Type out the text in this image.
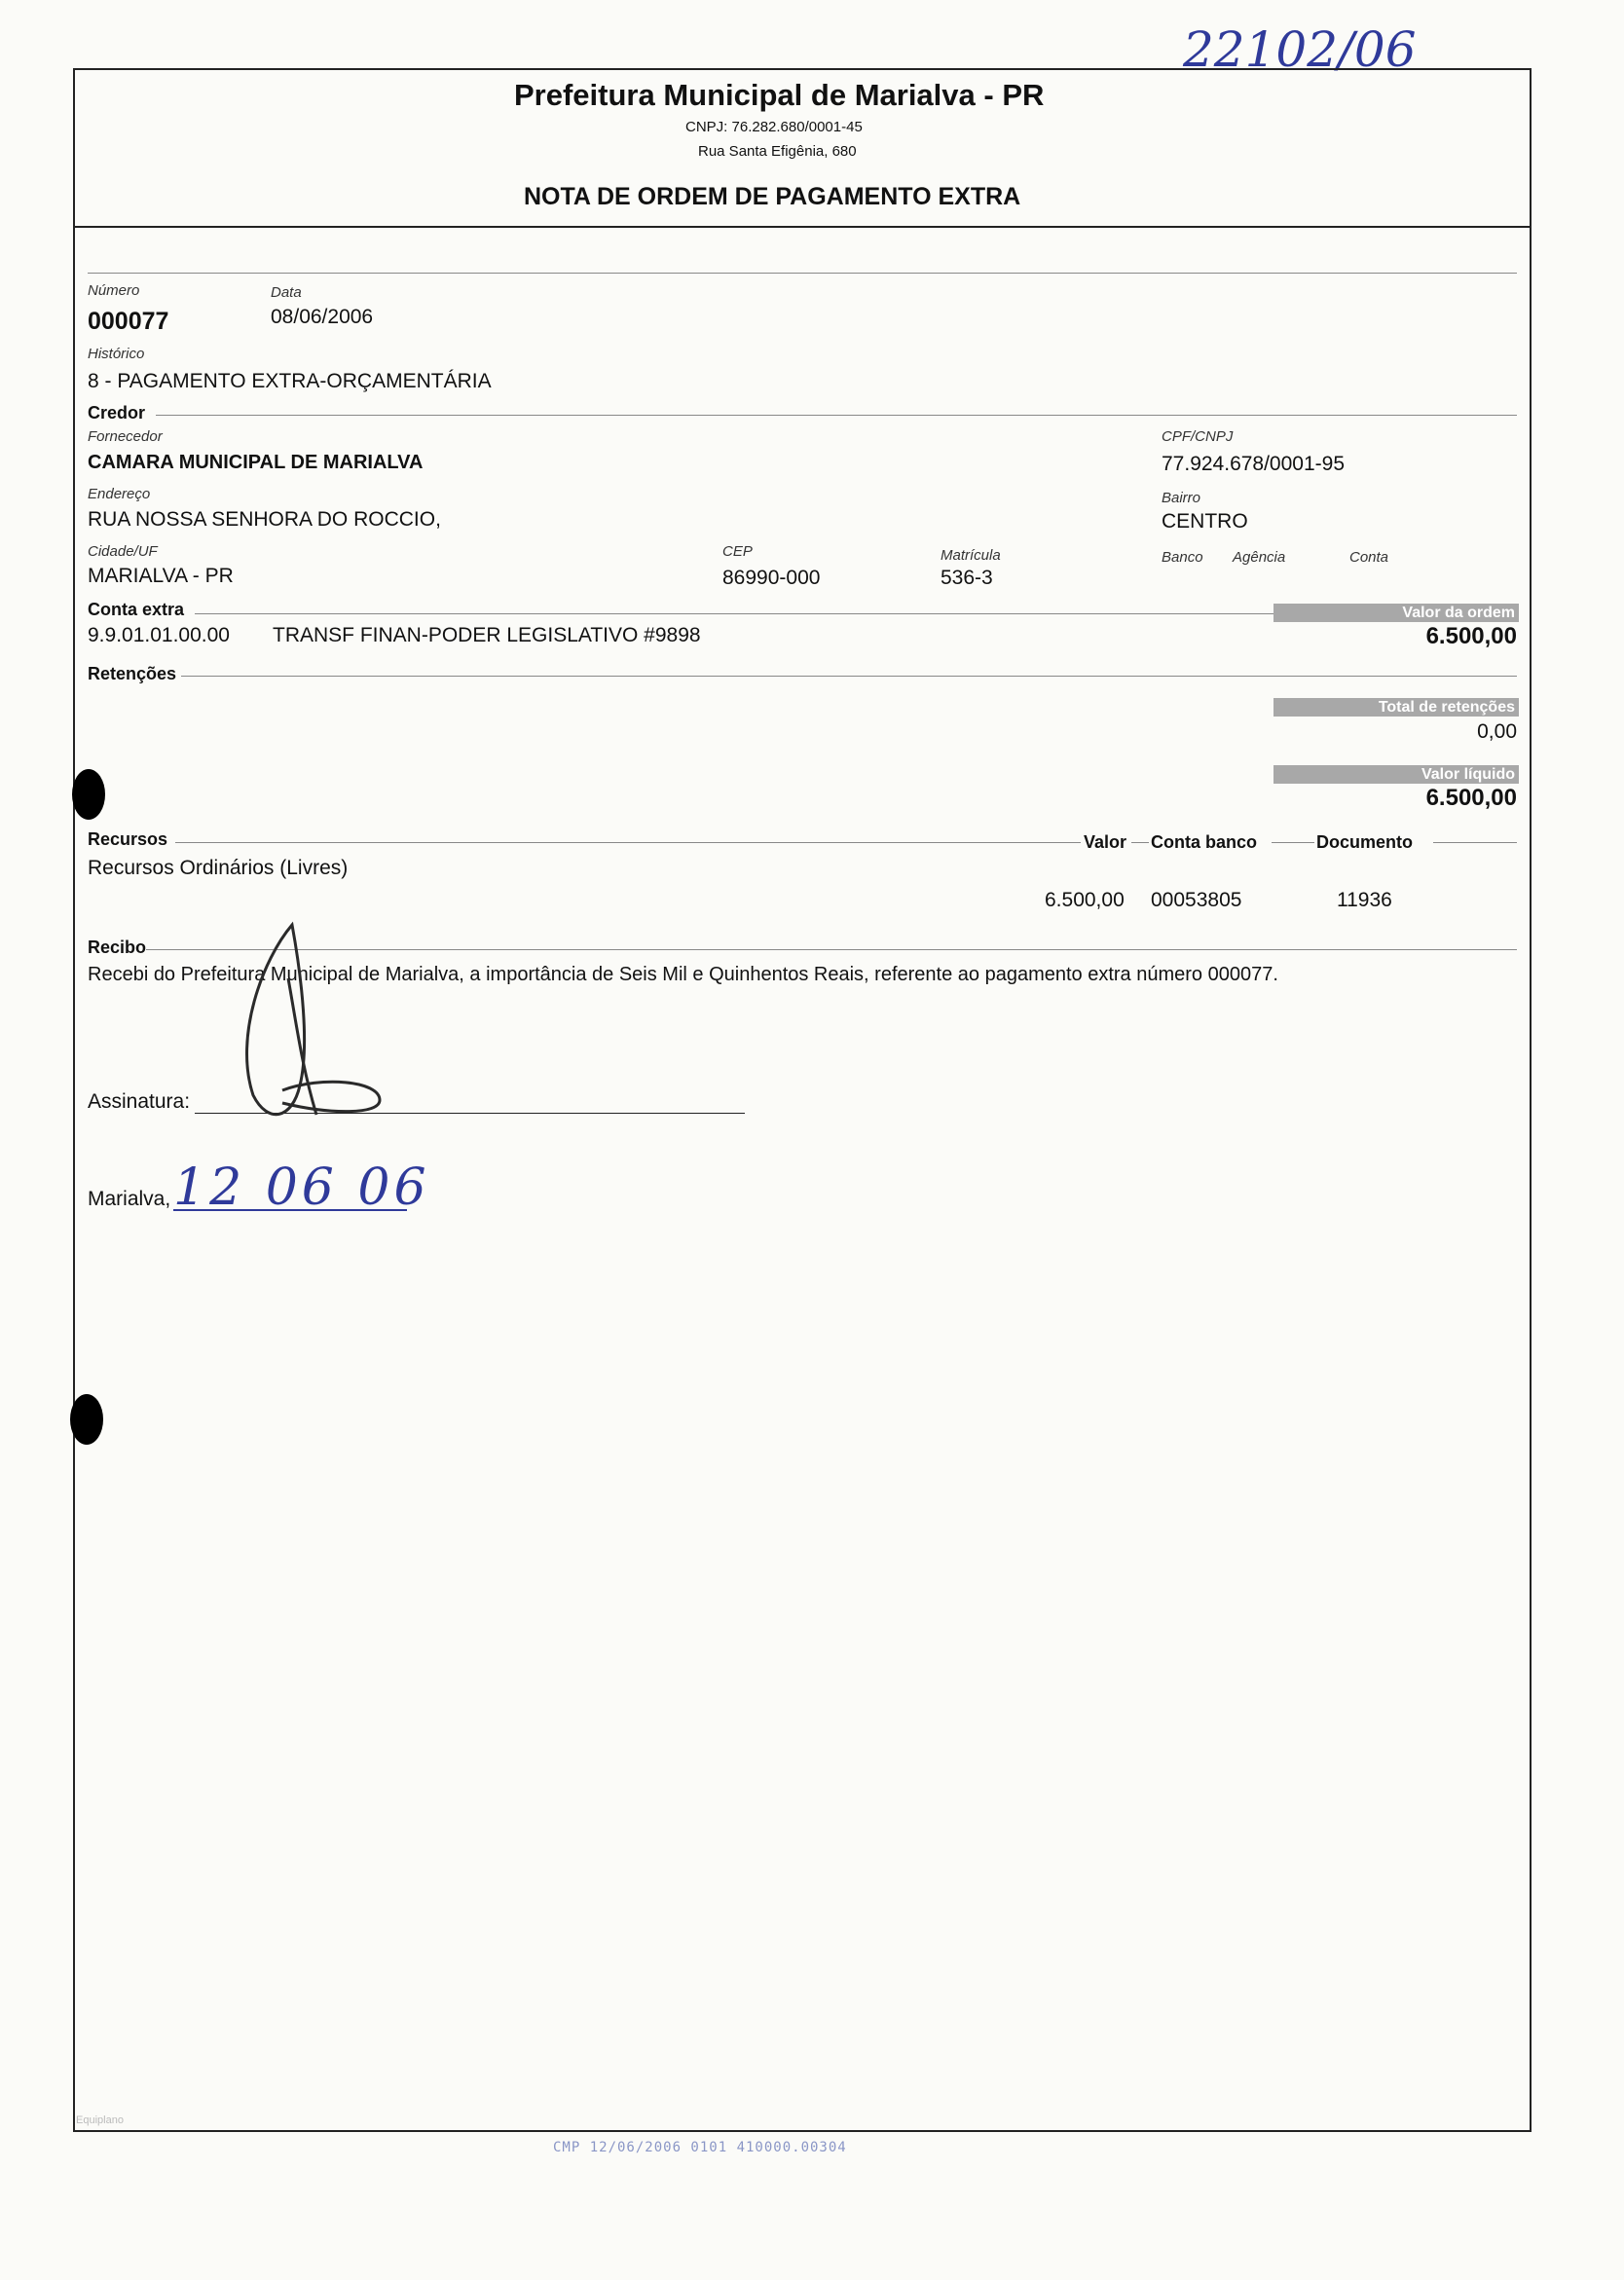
22102/06
Prefeitura Municipal de Marialva - PR
CNPJ: 76.282.680/0001-45
Rua Santa Efigênia, 680
NOTA DE ORDEM DE PAGAMENTO EXTRA
Número
000077
Data
08/06/2006
Histórico
8 - PAGAMENTO EXTRA-ORÇAMENTÁRIA
Credor
Fornecedor
CAMARA MUNICIPAL DE MARIALVA
CPF/CNPJ
77.924.678/0001-95
Endereço
RUA NOSSA SENHORA DO ROCCIO,
Bairro
CENTRO
Cidade/UF
MARIALVA - PR
CEP
86990-000
Matrícula
536-3
Banco Agência	Conta
Conta extra	Valor da ordem
9.9.01.01.00.00 TRANSF FINAN-PODER LEGISLATIVO #9898	6.500,00
Retenções
Total de retenções
0,00
Valor líquido
6.500,00
Recursos	Valor Conta banco	Documento
Recursos Ordinários (Livres)
6.500,00 00053805	11936
Recibo
Recebi do Prefeitura Municipal de Marialva, a importância de Seis Mil e Quinhentos Reais, referente ao pagamento extra número 000077.
Assinatura:
Marialva, 12 06 06
Equiplano
CMP 12/06/2006 0101 410000.00304
